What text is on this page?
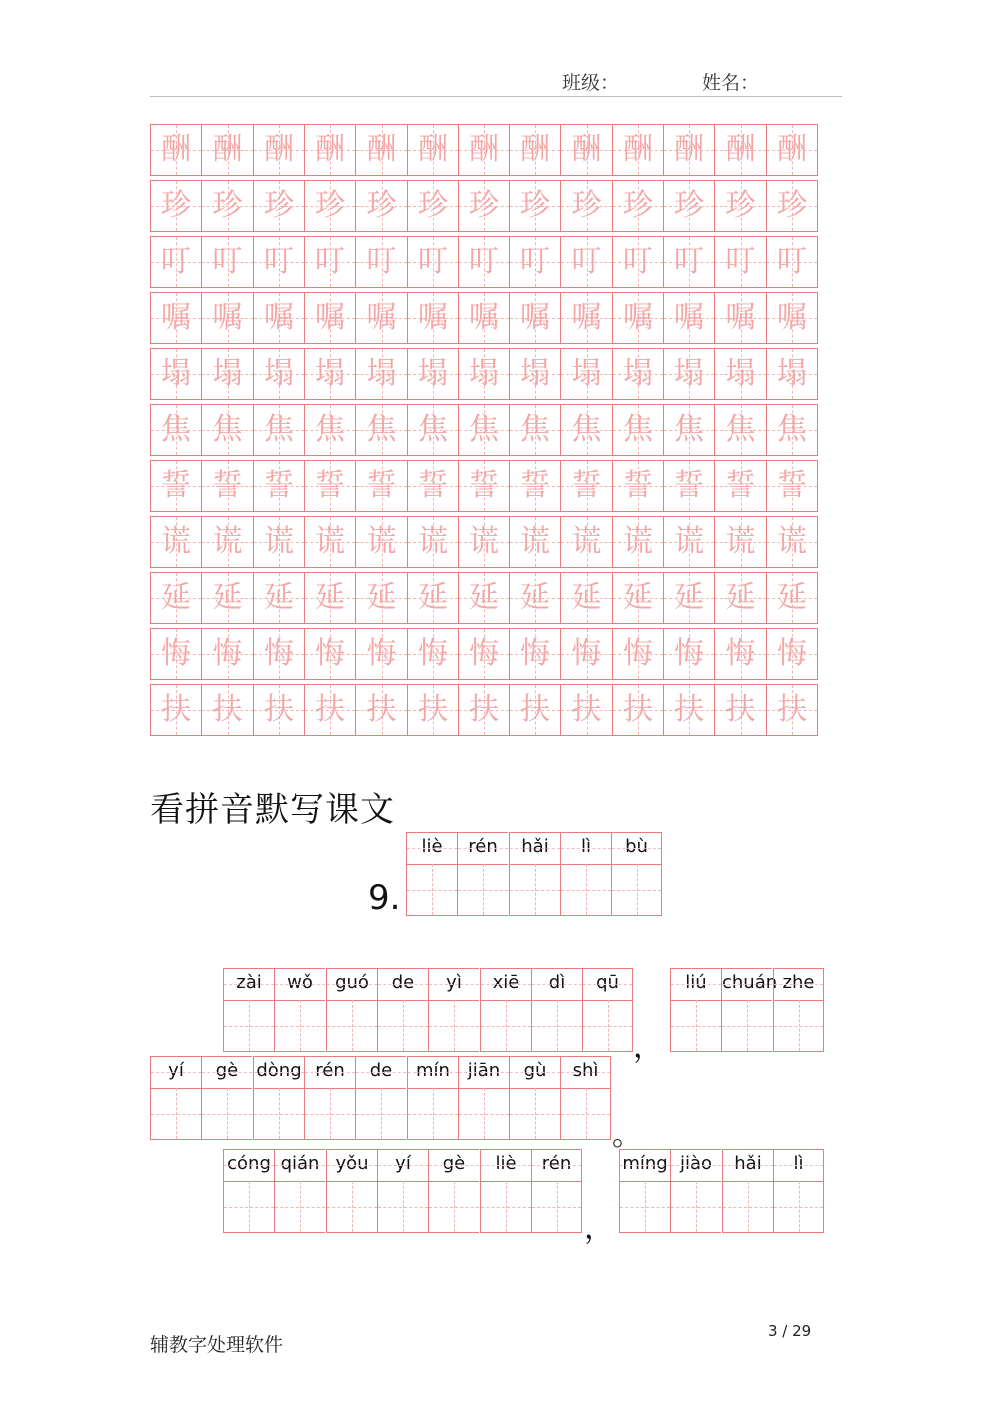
班级：	姓名：
酬 酬 酬 酬 酬 酬 酬 酬 酬 酬 酬 酬 酬
珍 珍 珍 珍 珍 珍 珍 珍 珍 珍 珍 珍 珍
叮 叮 叮 叮 叮 叮 叮 叮 叮 叮 叮 叮 叮
嘱 嘱 嘱 嘱 嘱 嘱 嘱 嘱 嘱 嘱 嘱 嘱 嘱
塌 塌 塌 塌 塌 塌 塌 塌 塌 塌 塌 塌 塌
焦 焦 焦 焦 焦 焦 焦 焦 焦 焦 焦 焦 焦
誓 誓 誓 誓 誓 誓 誓 誓 誓 誓 誓 誓 誓
谎 谎 谎 谎 谎 谎 谎 谎 谎 谎 谎 谎 谎
延 延 延 延 延 延 延 延 延 延 延 延 延
悔 悔 悔 悔 悔 悔 悔 悔 悔 悔 悔 悔 悔
扶 扶 扶 扶 扶 扶 扶 扶 扶 扶 扶 扶 扶
看拼音默写课文
9.
liè	rén	hǎi	lì	bù
zài	wǒ	guó	de	yì	xiē	dì	qū	liú chuán zhe
yí	gè	dòng rén	de	mín jiān	gù	shì
cóng qián yǒu	yí	gè	liè	rén	míng jiào	hǎi	lì
，
。
，
辅教字处理软件
3 / 29
